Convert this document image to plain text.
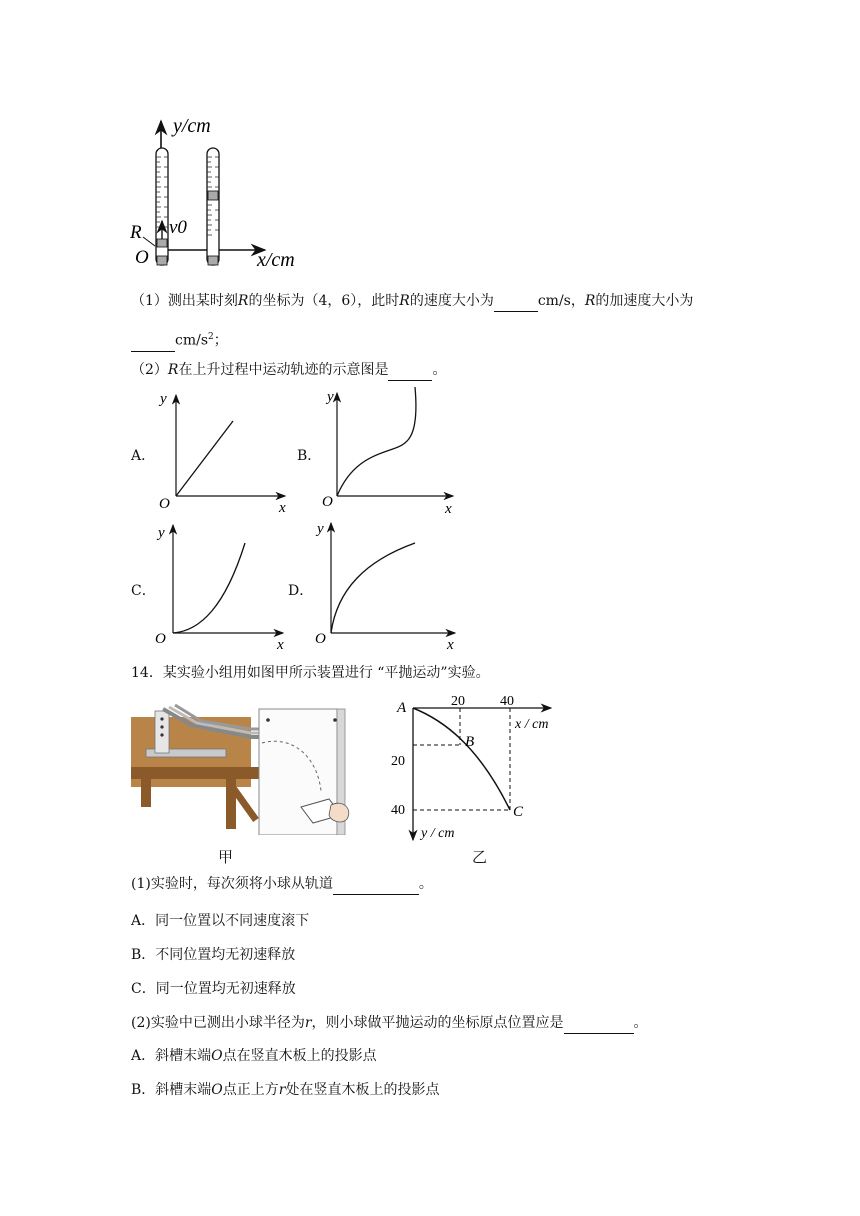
y/cm
x/cm
O
R v0
（1）测出某时刻R的坐标为（4，6），此时R的速度大小为	cm/s，R的加速度大小为
$cm/s^2$；
（2）R在上升过程中运动轨迹的示意图是	。
y
x
O
y
x
O
y
x
O
y
x
O
A．	B．
C．	D．
14．某实验小组用如图甲所示装置进行 “平抛运动”实验。
甲
A
B
C
20	40
20
40
x / cm
y / cm
乙
(1)实验时，每次须将小球从轨道	。
A．同一位置以不同速度滚下
B．不同位置均无初速释放
C．同一位置均无初速释放
(2)实验中已测出小球半径为r，则小球做平抛运动的坐标原点位置应是	。
A．斜槽末端O点在竖直木板上的投影点
B．斜槽末端O点正上方r处在竖直木板上的投影点
